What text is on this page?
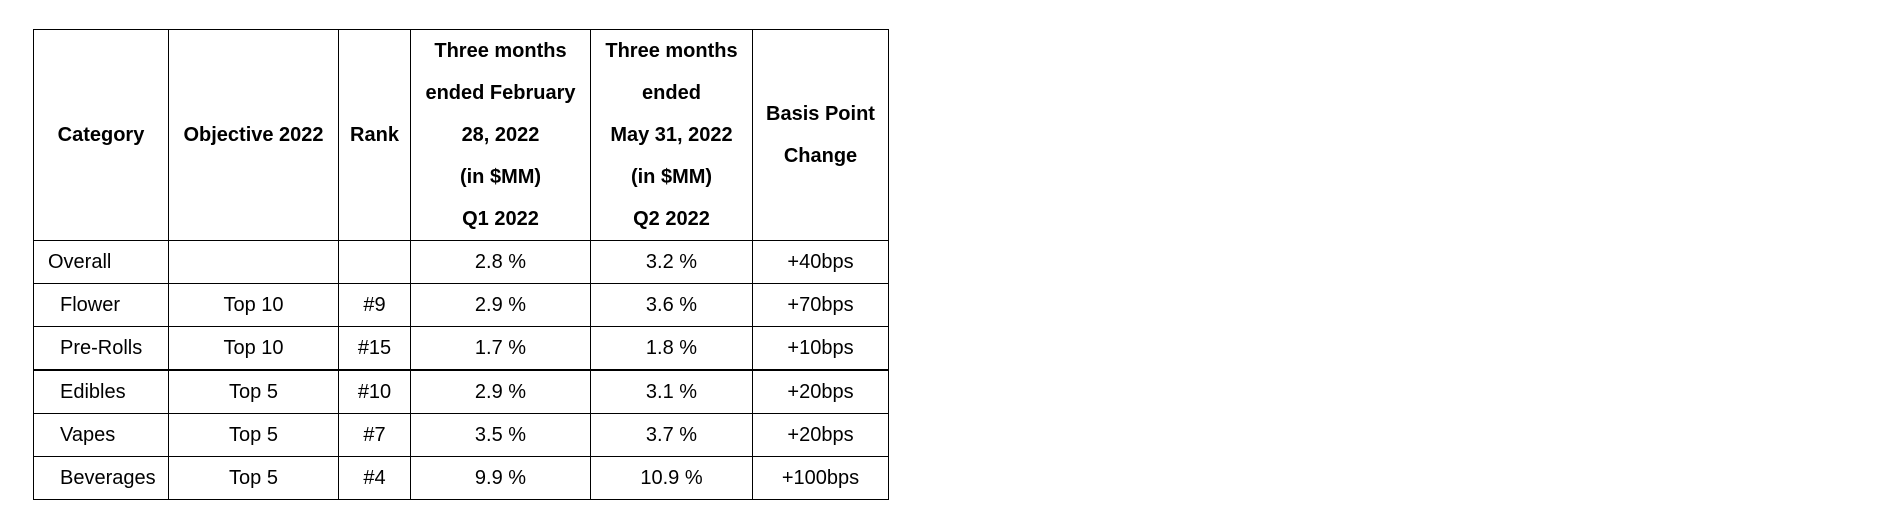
Category	Objective 2022	Rank	Three months
ended February
28, 2022
(in $MM)
Q1 2022	Three months
ended
May 31, 2022
(in $MM)
Q2 2022	Basis Point
Change

Overall			2.8 %	3.2 %	+40bps
Flower	Top 10	#9	2.9 %	3.6 %	+70bps
Pre-Rolls	Top 10	#15	1.7 %	1.8 %	+10bps
Edibles	Top 5	#10	2.9 %	3.1 %	+20bps
Vapes	Top 5	#7	3.5 %	3.7 %	+20bps
Beverages	Top 5	#4	9.9 %	10.9 %	+100bps
